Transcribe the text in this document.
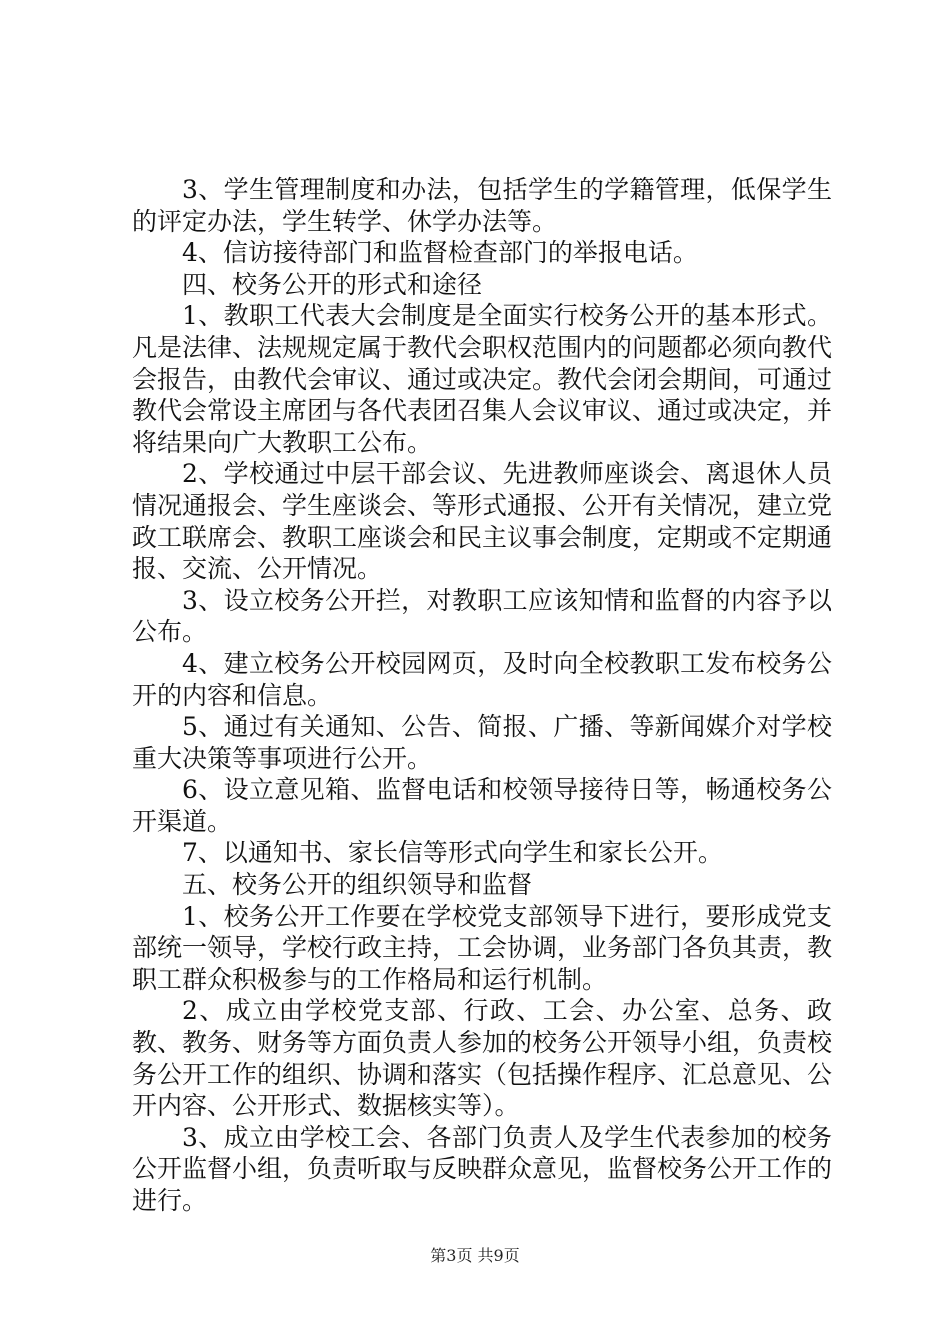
3、学生管理制度和办法，包括学生的学籍管理，低保学生的评定办法，学生转学、休学办法等。

4、信访接待部门和监督检查部门的举报电话。

四、校务公开的形式和途径

1、教职工代表大会制度是全面实行校务公开的基本形式。凡是法律、法规规定属于教代会职权范围内的问题都必须向教代会报告，由教代会审议、通过或决定。教代会闭会期间，可通过教代会常设主席团与各代表团召集人会议审议、通过或决定，并将结果向广大教职工公布。

2、学校通过中层干部会议、先进教师座谈会、离退休人员情况通报会、学生座谈会、等形式通报、公开有关情况，建立党政工联席会、教职工座谈会和民主议事会制度，定期或不定期通报、交流、公开情况。

3、设立校务公开拦，对教职工应该知情和监督的内容予以公布。

4、建立校务公开校园网页，及时向全校教职工发布校务公开的内容和信息。

5、通过有关通知、公告、简报、广播、等新闻媒介对学校重大决策等事项进行公开。

6、设立意见箱、监督电话和校领导接待日等，畅通校务公开渠道。

7、以通知书、家长信等形式向学生和家长公开。

五、校务公开的组织领导和监督

1、校务公开工作要在学校党支部领导下进行，要形成党支部统一领导，学校行政主持，工会协调，业务部门各负其责，教职工群众积极参与的工作格局和运行机制。

2、成立由学校党支部、行政、工会、办公室、总务、政教、教务、财务等方面负责人参加的校务公开领导小组，负责校务公开工作的组织、协调和落实（包括操作程序、汇总意见、公开内容、公开形式、数据核实等）。

3、成立由学校工会、各部门负责人及学生代表参加的校务公开监督小组，负责听取与反映群众意见，监督校务公开工作的进行。

第3页 共9页
